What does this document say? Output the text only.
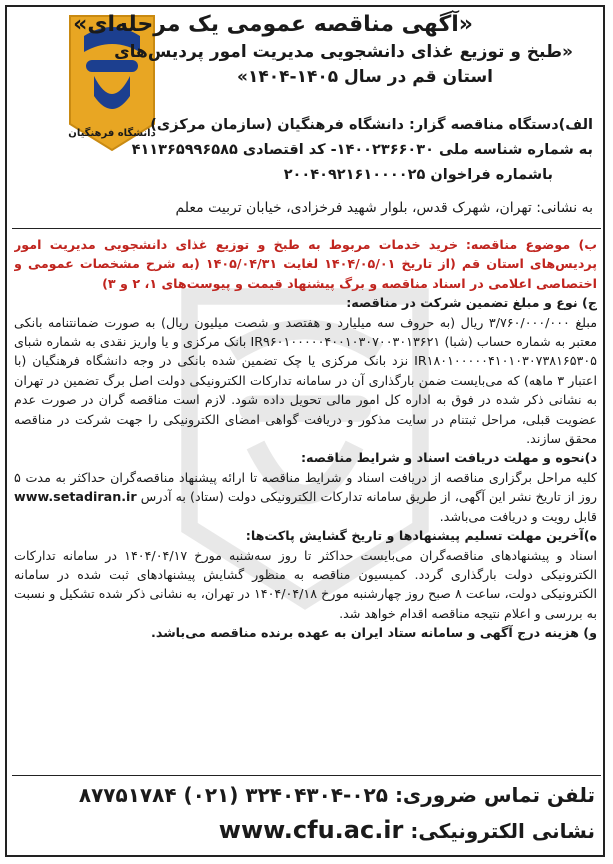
دانشگاه فرهنگیان
«آگهی مناقصه عمومی یک مرحله‌ای»
«طبخ و توزیع غذای دانشجویی مدیریت امور پردیس‌های
استان قم در سال ۱۴۰۵-۱۴۰۴»
الف)دستگاه مناقصه گزار: دانشگاه فرهنگیان (سازمان مرکزی)
به شماره شناسه ملی ۱۴۰۰۲۳۶۶۰۳۰- کد اقتصادی ۴۱۱۳۶۵۹۹۶۵۸۵
باشماره فراخوان ۲۰۰۴۰۹۲۱۶۱۰۰۰۰۲۵
به نشانی: تهران، شهرک قدس، بلوار شهید فرخزادی، خیابان تربیت معلم
ب) موضوع مناقصه: خرید خدمات مربوط به طبخ و توزیع غذای دانشجویی مدیریت امور پردیس‌های استان قم (از تاریخ ۱۴۰۴/۰۵/۰۱ لغایت ۱۴۰۵/۰۴/۳۱ (به شرح مشخصات عمومی و اختصاصی اعلامی در اسناد مناقصه و برگ پیشنهاد قیمت و پیوست‌های ۱، ۲ و ۳)
ج) نوع و مبلغ تضمین شرکت در مناقصه:
مبلغ ۳/۷۶۰/۰۰۰/۰۰۰ ریال (به حروف سه میلیارد و هفتصد و شصت میلیون ریال) به صورت ضمانتنامه بانکی معتبر به شماره حساب (شبا) IR۹۶۰۱۰۰۰۰۰۴۰۰۱۰۳۰۷۰۰۳۰۱۳۶۲۱ بانک مرکزی و یا واریز نقدی به شماره شبای IR۱۸۰۱۰۰۰۰۰۴۱۰۱۰۳۰۷۳۸۱۶۵۳۰۵ نزد بانک مرکزی یا چک تضمین شده بانکی در وجه دانشگاه فرهنگیان (با اعتبار ۳ ماهه) که می‌بایست ضمن بارگذاری آن در سامانه تدارکات الکترونیکی دولت اصل برگ تضمین در تهران به نشانی ذکر شده در فوق به اداره کل امور مالی تحویل داده شود. لازم است مناقصه گران در صورت عدم عضویت قبلی، مراحل ثبتنام در سایت مذکور و دریافت گواهی امضای الکترونیکی را جهت شرکت در مناقصه محقق سازند.
د)نحوه و مهلت دریافت اسناد و شرایط مناقصه:
کلیه مراحل برگزاری مناقصه از دریافت اسناد و شرایط مناقصه تا ارائه پیشنهاد مناقصه‌گران حداکثر به مدت ۵ روز از تاریخ نشر این آگهی، از طریق سامانه تدارکات الکترونیکی دولت (ستاد) به آدرس www.setadiran.ir قابل رویت و دریافت می‌باشد.
ه)آخرین مهلت تسلیم پیشنهادها و تاریخ گشایش پاکت‌ها:
اسناد و پیشنهادهای مناقصه‌گران می‌بایست حداکثر تا روز سه‌شنبه مورخ ۱۴۰۴/۰۴/۱۷ در سامانه تدارکات الکترونیکی دولت بارگذاری گردد. کمیسیون مناقصه به منظور گشایش پیشنهادهای ثبت شده در سامانه الکترونیکی دولت، ساعت ۸ صبح روز چهارشنبه مورخ ۱۴۰۴/۰۴/۱۸ در تهران، به نشانی ذکر شده تشکیل و نسبت به بررسی و اعلام نتیجه مناقصه اقدام خواهد شد.
و) هزینه درج آگهی و سامانه ستاد ایران به عهده برنده مناقصه می‌باشد.
تلفن تماس ضروری: ۰۲۵-۳۲۴۰۴۳۰۴ (۰۲۱) ۸۷۷۵۱۷۸۴
نشانی الکترونیکی: www.cfu.ac.ir
